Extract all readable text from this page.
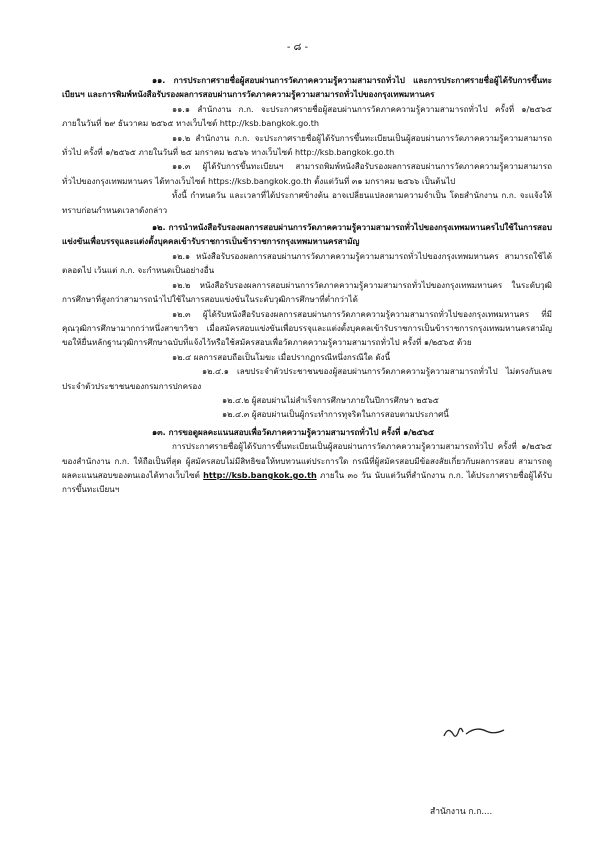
- ๘ -

๑๑. การประกาศรายชื่อผู้สอบผ่านการวัดภาคความรู้ความสามารถทั่วไป และการประกาศรายชื่อผู้ได้รับการขึ้นทะเบียนฯ และการพิมพ์หนังสือรับรองผลการสอบผ่านการวัดภาคความรู้ความสามารถทั่วไปของกรุงเทพมหานคร

๑๑.๑ สำนักงาน ก.ก. จะประกาศรายชื่อผู้สอบผ่านการวัดภาคความรู้ความสามารถทั่วไป ครั้งที่ ๑/๒๕๖๕ ภายในวันที่ ๒๙ ธันวาคม ๒๕๖๕ ทางเว็บไซต์ http://ksb.bangkok.go.th

๑๑.๒ สำนักงาน ก.ก. จะประกาศรายชื่อผู้ได้รับการขึ้นทะเบียนเป็นผู้สอบผ่านการวัดภาคความรู้ความสามารถทั่วไป ครั้งที่ ๑/๒๕๖๕ ภายในวันที่ ๒๕ มกราคม ๒๕๖๖ ทางเว็บไซต์ http://ksb.bangkok.go.th

๑๑.๓ ผู้ได้รับการขึ้นทะเบียนฯ สามารถพิมพ์หนังสือรับรองผลการสอบผ่านการวัดภาคความรู้ความสามารถทั่วไปของกรุงเทพมหานคร ได้ทางเว็บไซต์ https://ksb.bangkok.go.th ตั้งแต่วันที่ ๓๑ มกราคม ๒๕๖๖ เป็นต้นไป

ทั้งนี้ กำหนดวัน และเวลาที่ได้ประกาศข้างต้น อาจเปลี่ยนแปลงตามความจำเป็น โดยสำนักงาน ก.ก. จะแจ้งให้ทราบก่อนกำหนดเวลาดังกล่าว

๑๒. การนำหนังสือรับรองผลการสอบผ่านการวัดภาคความรู้ความสามารถทั่วไปของกรุงเทพมหานครไปใช้ในการสอบแข่งขันเพื่อบรรจุและแต่งตั้งบุคคลเข้ารับราชการเป็นข้าราชการกรุงเทพมหานครสามัญ

๑๒.๑ หนังสือรับรองผลการสอบผ่านการวัดภาคความรู้ความสามารถทั่วไปของกรุงเทพมหานคร สามารถใช้ได้ตลอดไป เว้นแต่ ก.ก. จะกำหนดเป็นอย่างอื่น

๑๒.๒ หนังสือรับรองผลการสอบผ่านการวัดภาคความรู้ความสามารถทั่วไปของกรุงเทพมหานคร ในระดับวุฒิการศึกษาที่สูงกว่าสามารถนำไปใช้ในการสอบแข่งขันในระดับวุฒิการศึกษาที่ต่ำกว่าได้

๑๒.๓ ผู้ได้รับหนังสือรับรองผลการสอบผ่านการวัดภาคความรู้ความสามารถทั่วไปของกรุงเทพมหานคร ที่มีคุณวุฒิการศึกษามากกว่าหนึ่งสาขาวิชา เมื่อสมัครสอบแข่งขันเพื่อบรรจุและแต่งตั้งบุคคลเข้ารับราชการเป็นข้าราชการกรุงเทพมหานครสามัญ ขอให้ยื่นหลักฐานวุฒิการศึกษาฉบับที่แจ้งไว้หรือใช้สมัครสอบเพื่อวัดภาคความรู้ความสามารถทั่วไป ครั้งที่ ๑/๒๕๖๕ ด้วย

๑๒.๔ ผลการสอบถือเป็นโมฆะ เมื่อปรากฏกรณีหนึ่งกรณีใด ดังนี้

๑๒.๔.๑ เลขประจำตัวประชาชนของผู้สอบผ่านการวัดภาคความรู้ความสามารถทั่วไป ไม่ตรงกับเลขประจำตัวประชาชนของกรมการปกครอง

๑๒.๔.๒ ผู้สอบผ่านไม่สำเร็จการศึกษาภายในปีการศึกษา ๒๕๖๕

๑๒.๔.๓ ผู้สอบผ่านเป็นผู้กระทำการทุจริตในการสอบตามประกาศนี้

๑๓. การขอดูผลคะแนนสอบเพื่อวัดภาคความรู้ความสามารถทั่วไป ครั้งที่ ๑/๒๕๖๕

การประกาศรายชื่อผู้ได้รับการขึ้นทะเบียนเป็นผู้สอบผ่านการวัดภาคความรู้ความสามารถทั่วไป ครั้งที่ ๑/๒๕๖๕ ของสำนักงาน ก.ก. ให้ถือเป็นที่สุด ผู้สมัครสอบไม่มีสิทธิขอให้ทบทวนแต่ประการใด กรณีที่ผู้สมัครสอบมีข้อสงสัยเกี่ยวกับผลการสอบ สามารถดูผลคะแนนสอบของตนเองได้ทางเว็บไซต์ http://ksb.bangkok.go.th ภายใน ๓๐ วัน นับแต่วันที่สำนักงาน ก.ก. ได้ประกาศรายชื่อผู้ได้รับการขึ้นทะเบียนฯ

สำนักงาน ก.ก....
